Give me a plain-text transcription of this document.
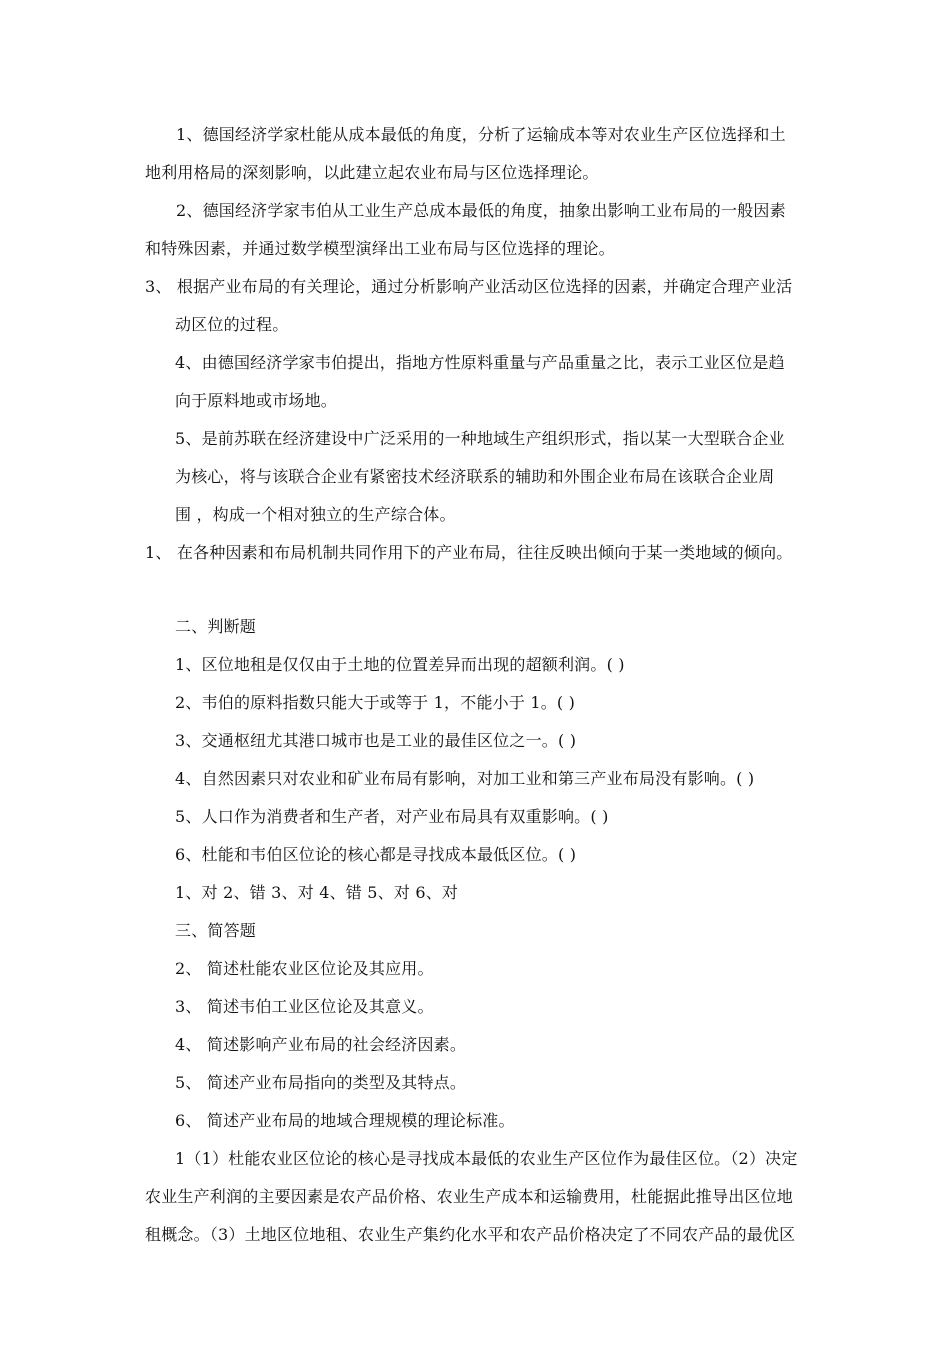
1、德国经济学家杜能从成本最低的角度，分析了运输成本等对农业生产区位选择和土
地利用格局的深刻影响，以此建立起农业布局与区位选择理论。
2、德国经济学家韦伯从工业生产总成本最低的角度，抽象出影响工业布局的一般因素
和特殊因素，并通过数学模型演绎出工业布局与区位选择的理论。
3、 根据产业布局的有关理论，通过分析影响产业活动区位选择的因素，并确定合理产业活
动区位的过程。
4、由德国经济学家韦伯提出，指地方性原料重量与产品重量之比，表示工业区位是趋
向于原料地或市场地。
5、是前苏联在经济建设中广泛采用的一种地域生产组织形式，指以某一大型联合企业
为核心，将与该联合企业有紧密技术经济联系的辅助和外围企业布局在该联合企业周
围 ，构成一个相对独立的生产综合体。
1、 在各种因素和布局机制共同作用下的产业布局，往往反映出倾向于某一类地域的倾向。
二、判断题
1、区位地租是仅仅由于土地的位置差异而出现的超额利润。( )
2、韦伯的原料指数只能大于或等于 1，不能小于 1。( )
3、交通枢纽尤其港口城市也是工业的最佳区位之一。( )
4、自然因素只对农业和矿业布局有影响，对加工业和第三产业布局没有影响。( )
5、人口作为消费者和生产者，对产业布局具有双重影响。( )
6、杜能和韦伯区位论的核心都是寻找成本最低区位。( )
1、对 2、错 3、对 4、错 5、对 6、对
三、简答题
2、 简述杜能农业区位论及其应用。
3、 简述韦伯工业区位论及其意义。
4、 简述影响产业布局的社会经济因素。
5、 简述产业布局指向的类型及其特点。
6、 简述产业布局的地域合理规模的理论标准。
1（1）杜能农业区位论的核心是寻找成本最低的农业生产区位作为最佳区位。（2）决定
农业生产利润的主要因素是农产品价格、农业生产成本和运输费用，杜能据此推导出区位地
租概念。（3）土地区位地租、农业生产集约化水平和农产品价格决定了不同农产品的最优区
